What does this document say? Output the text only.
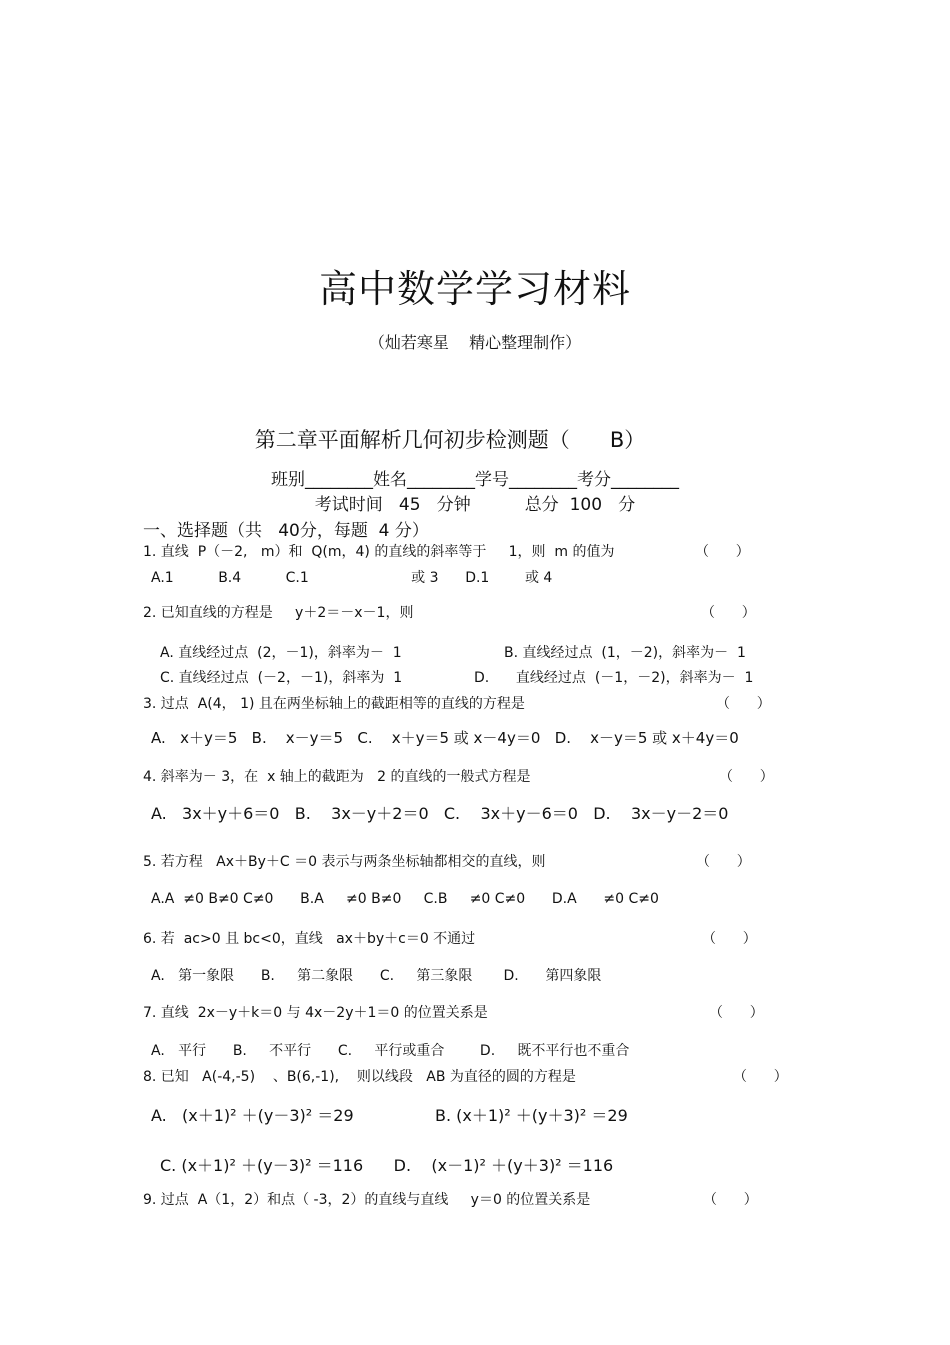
高中数学学习材料
（灿若寒星    精心整理制作）
第二章平面解析几何初步检测题（      B）
班别________姓名________学号________考分________
考试时间   45   分钟          总分  100   分
一、选择题（共   40分，每题  4 分）
1. 直线  P（－2,   m）和  Q(m，4) 的直线的斜率等于     1，则  m 的值为	（      ）
A.1          B.4          C.1                       或 3      D.1        或 4
2. 已知直线的方程是     y＋2＝－x－1，则	（      ）
A. 直线经过点  (2，－1)，斜率为－  1	B. 直线经过点  (1，－2)，斜率为－  1
C. 直线经过点  (－2，－1)，斜率为  1	D.      直线经过点  (－1，－2)，斜率为－  1
3. 过点  A(4， 1) 且在两坐标轴上的截距相等的直线的方程是	（      ）
A.   x＋y＝5   B.    x－y＝5   C.    x＋y＝5 或 x－4y＝0   D.    x－y＝5 或 x＋4y＝0
4. 斜率为－ 3，在  x 轴上的截距为   2 的直线的一般式方程是	（      ）
A.   3x＋y＋6＝0   B.    3x－y＋2＝0   C.    3x＋y－6＝0   D.    3x－y－2＝0
5. 若方程   Ax＋By＋C ＝0 表示与两条坐标轴都相交的直线，则	（      ）
A.A  ≠0 B≠0 C≠0      B.A     ≠0 B≠0     C.B     ≠0 C≠0      D.A      ≠0 C≠0
6. 若  ac>0 且 bc<0，直线   ax＋by＋c＝0 不通过	（      ）
A.   第一象限      B.     第二象限      C.     第三象限       D.      第四象限
7. 直线  2x－y＋k＝0 与 4x－2y＋1＝0 的位置关系是	（      ）
A.   平行      B.     不平行      C.     平行或重合        D.     既不平行也不重合
8. 已知   A(-4,-5)    、B(6,-1),    则以线段   AB 为直径的圆的方程是	（      ）
A.   (x＋1)² ＋(y－3)² ＝29                B. (x＋1)² ＋(y＋3)² ＝29
C. (x＋1)² ＋(y－3)² ＝116      D.    (x－1)² ＋(y＋3)² ＝116
9. 过点  A（1，2）和点（ -3，2）的直线与直线     y＝0 的位置关系是	（      ）
